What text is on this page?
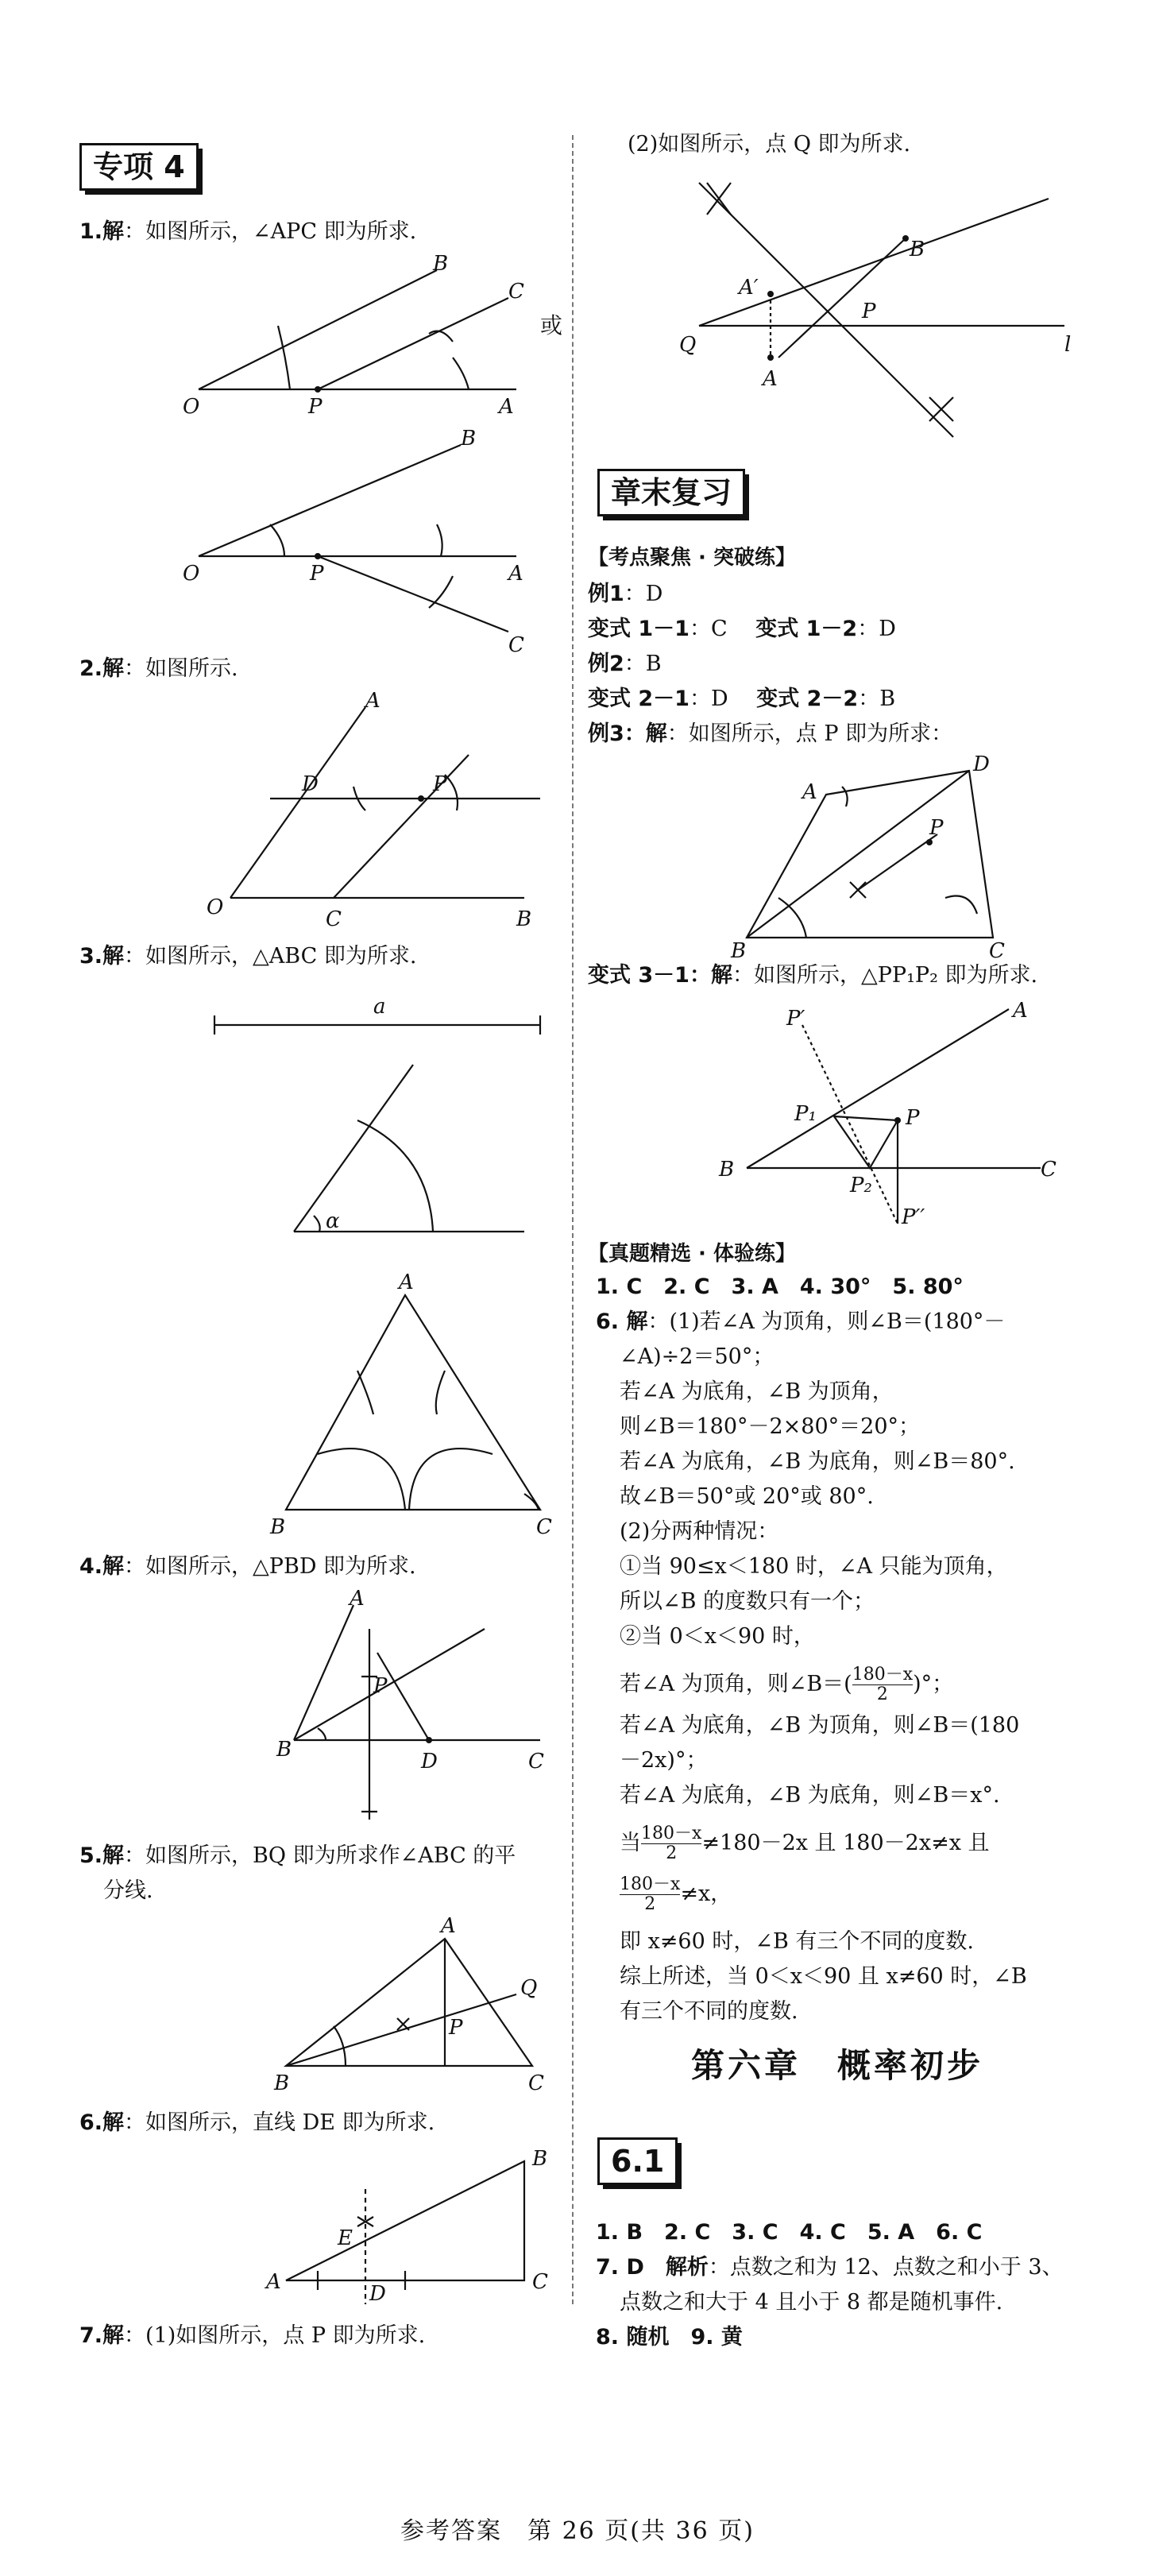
专项 4
1.解：如图所示，∠APC 即为所求.
B
C
O	P	A
或
B
O	P	A
C
2.解：如图所示.
A
D	P
O	C	B
3.解：如图所示，△ABC 即为所求.
a
α
A
B	C
4.解：如图所示，△PBD 即为所求.
A
P
B	D	C
5.解：如图所示，BQ 即为所求作∠ABC 的平
分线.
A
Q
P
B	C
6.解：如图所示，直线 DE 即为所求.
B
E
A	D	C
7.解：(1)如图所示，点 P 即为所求.
(2)如图所示，点 Q 即为所求.
B
A′
P
Q
A
l
章末复习
【考点聚焦 · 突破练】
例1：D
变式 1－1：C　 变式 1－2：D
例2：B
变式 2－1：D　 变式 2－2：B
例3：解：如图所示，点 P 即为所求：
D
A
P
B	C
变式 3－1：解：如图所示，△PP₁P₂ 即为所求.
P′	A
P₁	P
B
P₂
C
P′′
【真题精选 · 体验练】
1. C　 2. C　 3. A　 4. 30°　 5. 80°
6. 解：(1)若∠A 为顶角，则∠B＝(180°－
∠A)÷2＝50°；
若∠A 为底角，∠B 为顶角，
则∠B＝180°－2×80°＝20°；
若∠A 为底角，∠B 为底角，则∠B＝80°.
故∠B＝50°或 20°或 80°.
(2)分两种情况：
①当 90≤x＜180 时，∠A 只能为顶角，
所以∠B 的度数只有一个；
②当 0＜x＜90 时，
若∠A 为顶角，则∠B＝( $\frac{180-x}{2}$ )°；
若∠A 为底角，∠B 为顶角，则∠B＝(180
－2x)°；
若∠A 为底角，∠B 为底角，则∠B＝x°.
当 $\frac{180-x}{2} \ne 180-2x$ 且 180－2x≠x 且
$\frac{180-x}{2} \ne x$，
即 x≠60 时，∠B 有三个不同的度数.
综上所述，当 0＜x＜90 且 x≠60 时，∠B
有三个不同的度数.
第六章　概率初步
6.1
1. B　 2. C　 3. C　 4. C　 5. A　 6. C
7. D　 解析：点数之和为 12、点数之和小于 3、
点数之和大于 4 且小于 8 都是随机事件.
8. 随机　 9. 黄
参考答案　第 26 页(共 36 页)
